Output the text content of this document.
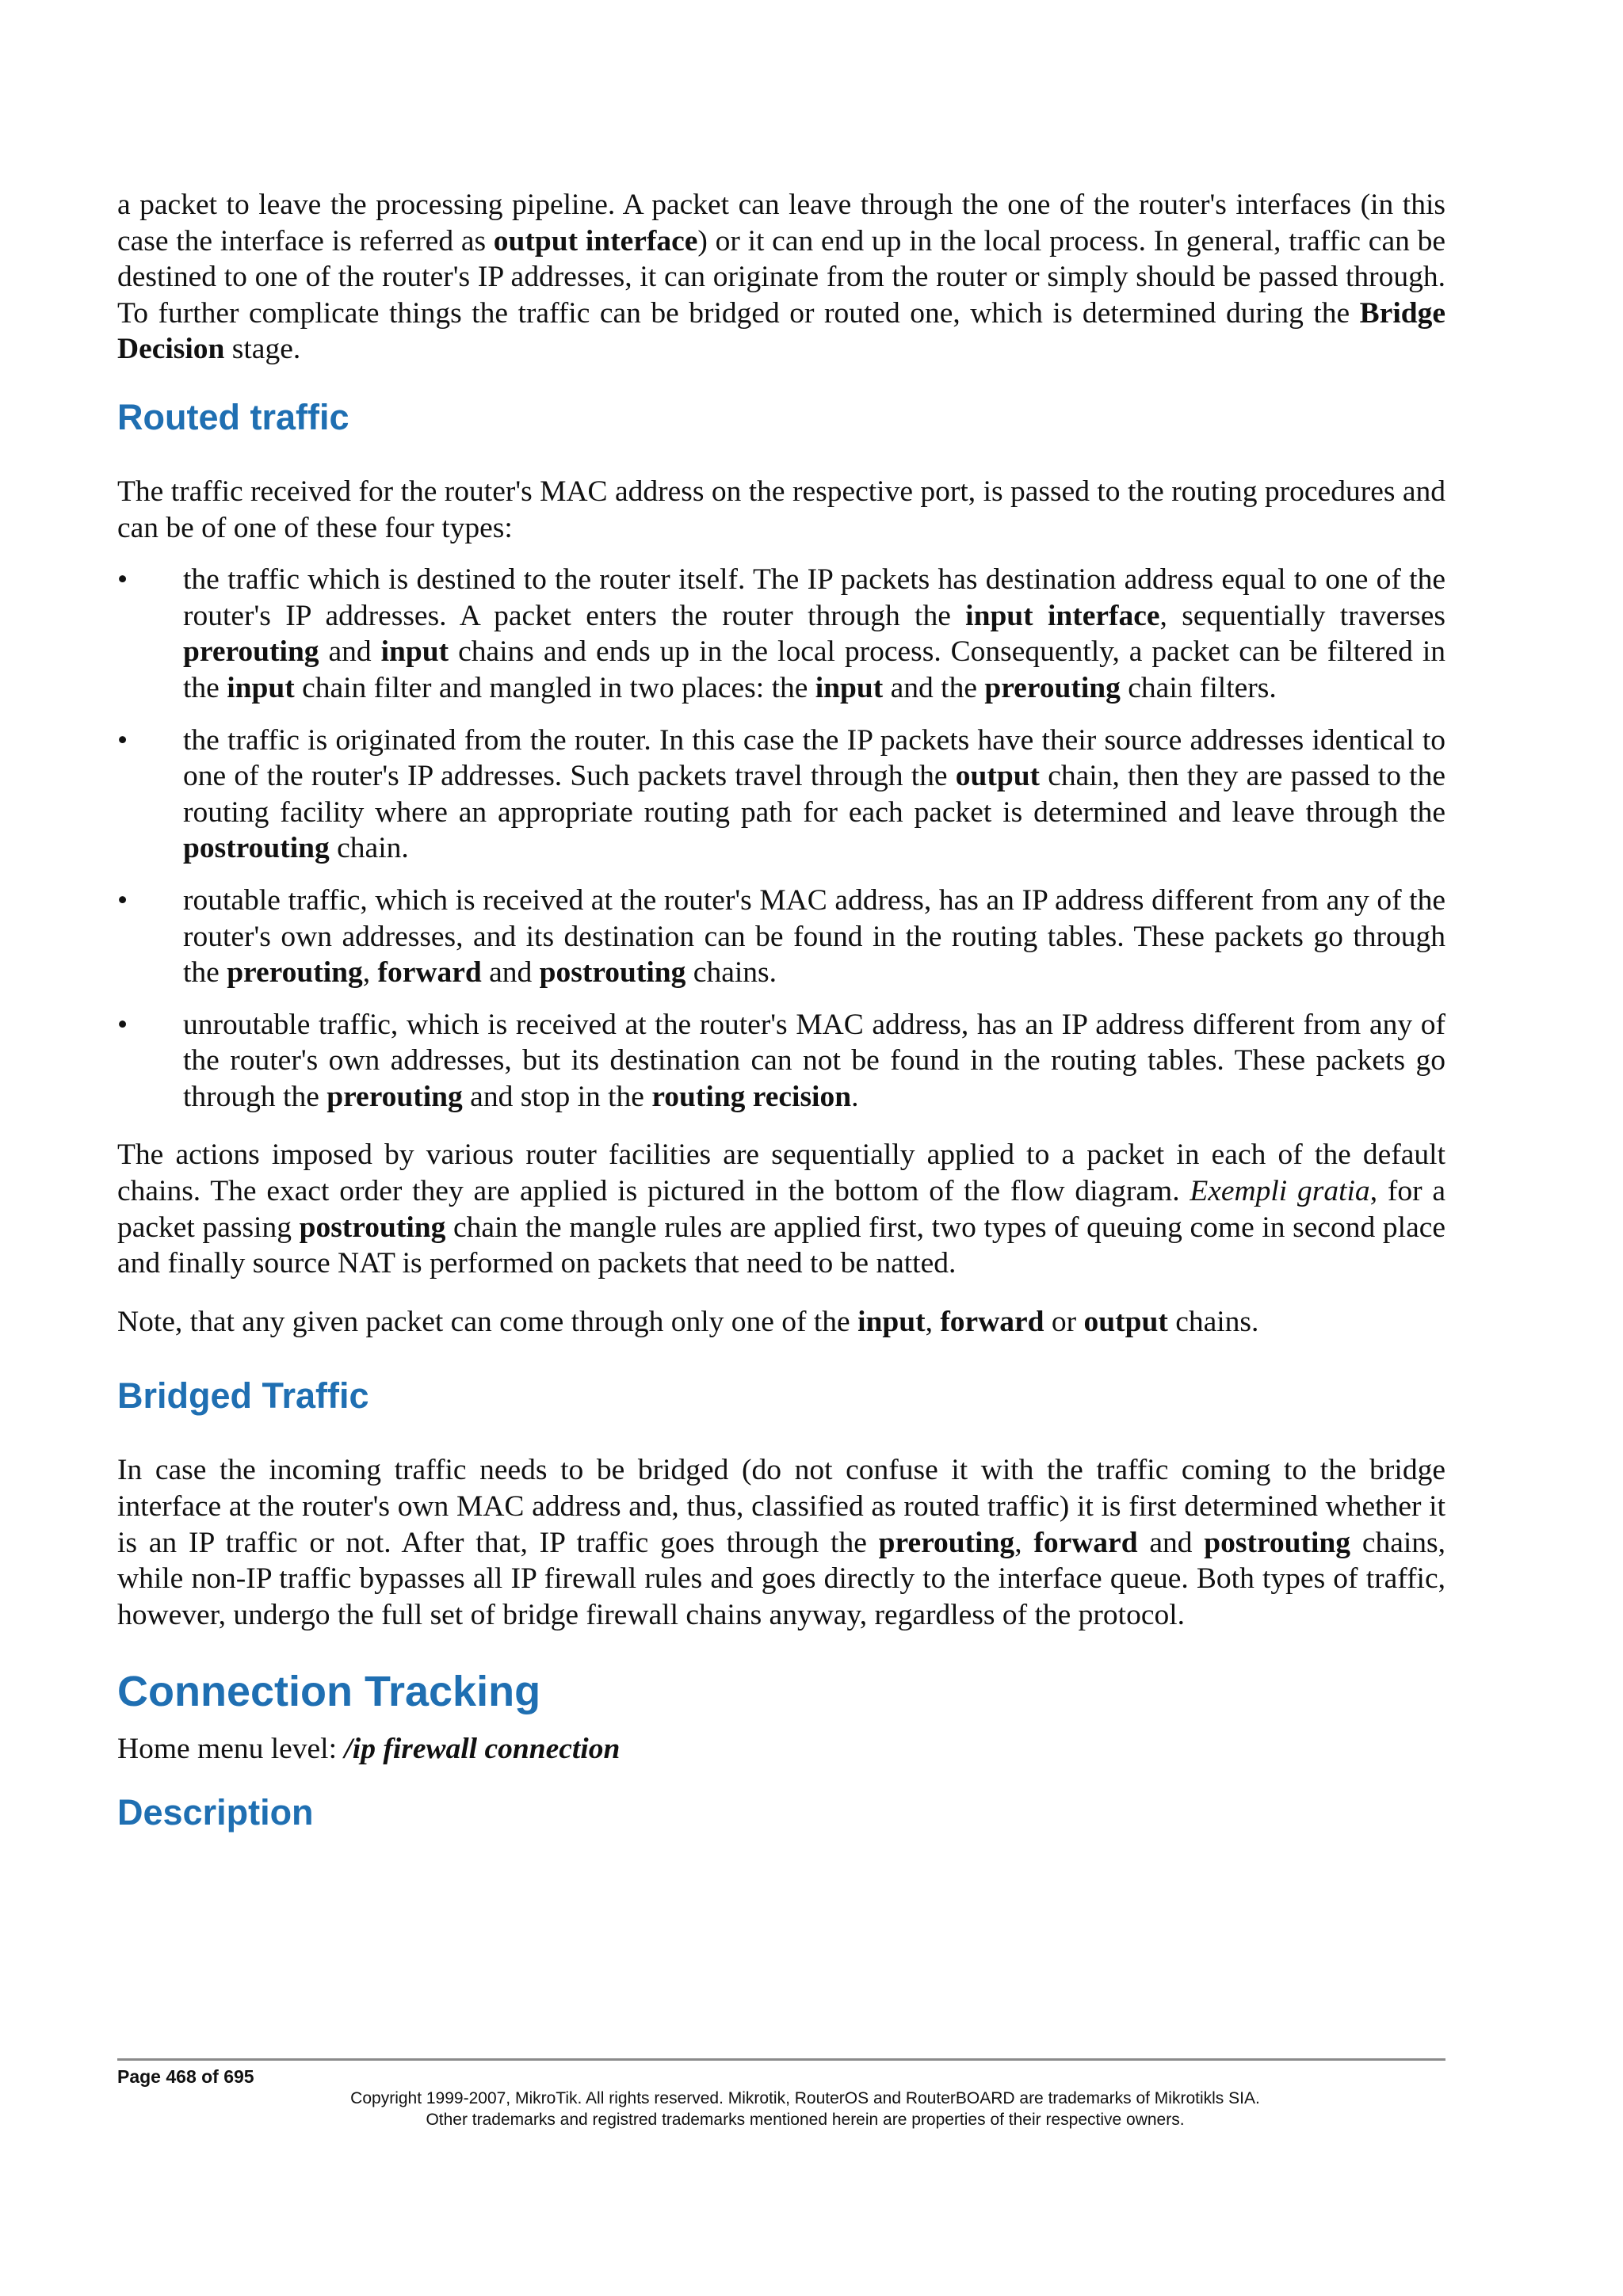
a packet to leave the processing pipeline. A packet can leave through the one of the router's interfaces (in this case the interface is referred as output interface) or it can end up in the local process. In general, traffic can be destined to one of the router's IP addresses, it can originate from the router or simply should be passed through. To further complicate things the traffic can be bridged or routed one, which is determined during the Bridge Decision stage.

Routed traffic

The traffic received for the router's MAC address on the respective port, is passed to the routing procedures and can be of one of these four types:

• the traffic which is destined to the router itself. The IP packets has destination address equal to one of the router's IP addresses. A packet enters the router through the input interface, sequentially traverses prerouting and input chains and ends up in the local process. Consequently, a packet can be filtered in the input chain filter and mangled in two places: the input and the prerouting chain filters.
• the traffic is originated from the router. In this case the IP packets have their source addresses identical to one of the router's IP addresses. Such packets travel through the output chain, then they are passed to the routing facility where an appropriate routing path for each packet is determined and leave through the postrouting chain.
• routable traffic, which is received at the router's MAC address, has an IP address different from any of the router's own addresses, and its destination can be found in the routing tables. These packets go through the prerouting, forward and postrouting chains.
• unroutable traffic, which is received at the router's MAC address, has an IP address different from any of the router's own addresses, but its destination can not be found in the routing tables. These packets go through the prerouting and stop in the routing recision.

The actions imposed by various router facilities are sequentially applied to a packet in each of the default chains. The exact order they are applied is pictured in the bottom of the flow diagram. Exempli gratia, for a packet passing postrouting chain the mangle rules are applied first, two types of queuing come in second place and finally source NAT is performed on packets that need to be natted.

Note, that any given packet can come through only one of the input, forward or output chains.

Bridged Traffic

In case the incoming traffic needs to be bridged (do not confuse it with the traffic coming to the bridge interface at the router's own MAC address and, thus, classified as routed traffic) it is first determined whether it is an IP traffic or not. After that, IP traffic goes through the prerouting, forward and postrouting chains, while non-IP traffic bypasses all IP firewall rules and goes directly to the interface queue. Both types of traffic, however, undergo the full set of bridge firewall chains anyway, regardless of the protocol.

Connection Tracking

Home menu level: /ip firewall connection

Description
Page 468 of 695
Copyright 1999-2007, MikroTik. All rights reserved. Mikrotik, RouterOS and RouterBOARD are trademarks of Mikrotikls SIA.
Other trademarks and registred trademarks mentioned herein are properties of their respective owners.
